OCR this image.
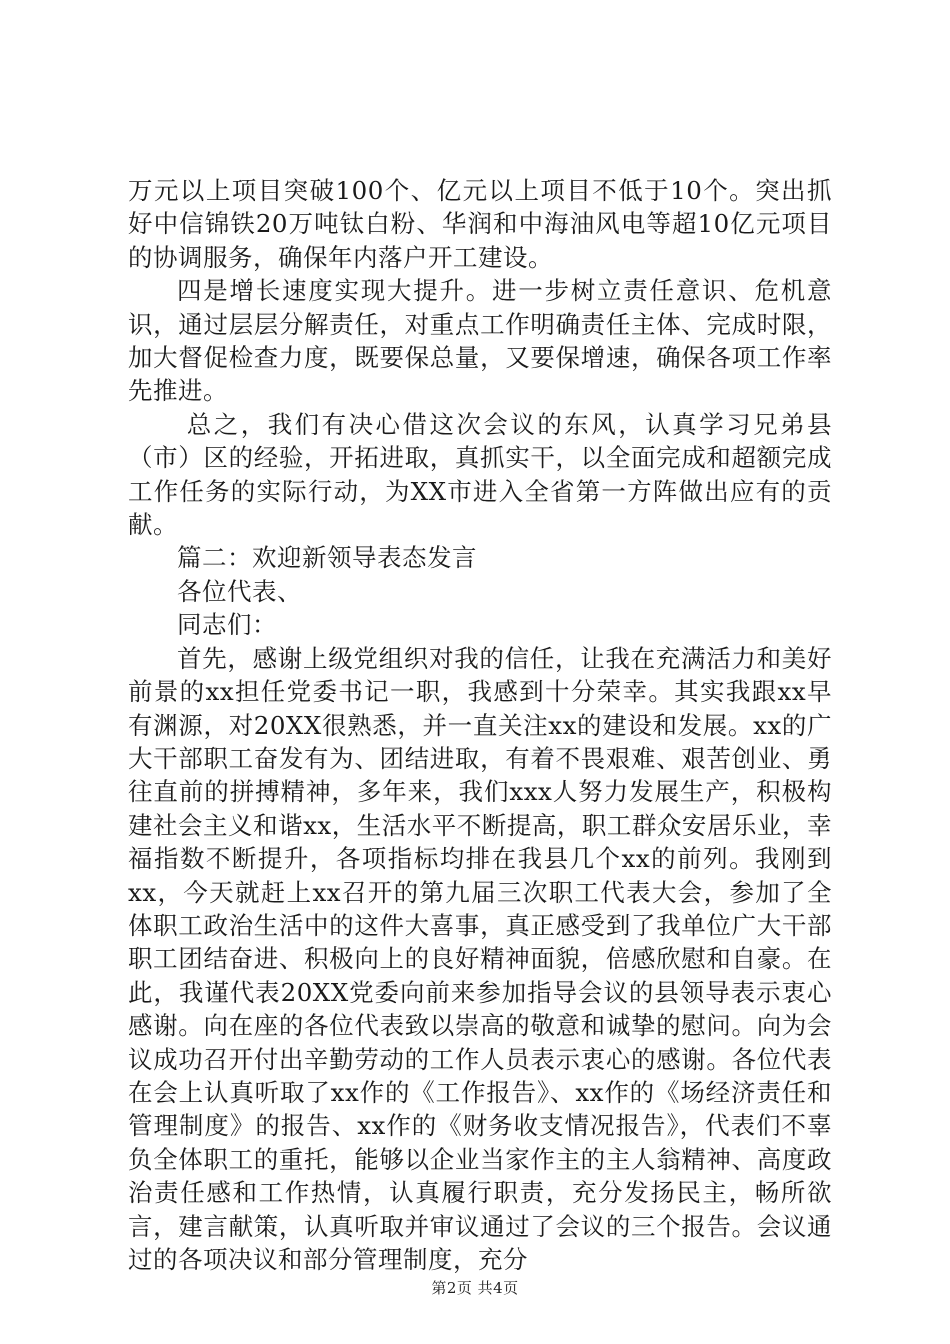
万元以上项目突破100个、亿元以上项目不低于10个。突出抓好中信锦铁20万吨钛白粉、华润和中海油风电等超10亿元项目的协调服务，确保年内落户开工建设。

四是增长速度实现大提升。进一步树立责任意识、危机意识，通过层层分解责任，对重点工作明确责任主体、完成时限，加大督促检查力度，既要保总量，又要保增速，确保各项工作率先推进。

总之，我们有决心借这次会议的东风，认真学习兄弟县（市）区的经验，开拓进取，真抓实干，以全面完成和超额完成工作任务的实际行动，为XX市进入全省第一方阵做出应有的贡献。

篇二：欢迎新领导表态发言

各位代表、

同志们：

首先，感谢上级党组织对我的信任，让我在充满活力和美好前景的xx担任党委书记一职，我感到十分荣幸。其实我跟xx早有渊源，对20XX很熟悉，并一直关注xx的建设和发展。xx的广大干部职工奋发有为、团结进取，有着不畏艰难、艰苦创业、勇往直前的拼搏精神，多年来，我们xxx人努力发展生产，积极构建社会主义和谐xx，生活水平不断提高，职工群众安居乐业，幸福指数不断提升，各项指标均排在我县几个xx的前列。我刚到xx，今天就赶上xx召开的第九届三次职工代表大会，参加了全体职工政治生活中的这件大喜事，真正感受到了我单位广大干部职工团结奋进、积极向上的良好精神面貌，倍感欣慰和自豪。在此，我谨代表20XX党委向前来参加指导会议的县领导表示衷心感谢。向在座的各位代表致以崇高的敬意和诚挚的慰问。向为会议成功召开付出辛勤劳动的工作人员表示衷心的感谢。各位代表在会上认真听取了xx作的《工作报告》、xx作的《场经济责任和管理制度》的报告、xx作的《财务收支情况报告》，代表们不辜负全体职工的重托，能够以企业当家作主的主人翁精神、高度政治责任感和工作热情，认真履行职责，充分发扬民主，畅所欲言，建言献策，认真听取并审议通过了会议的三个报告。会议通过的各项决议和部分管理制度，充分

第2页 共4页
